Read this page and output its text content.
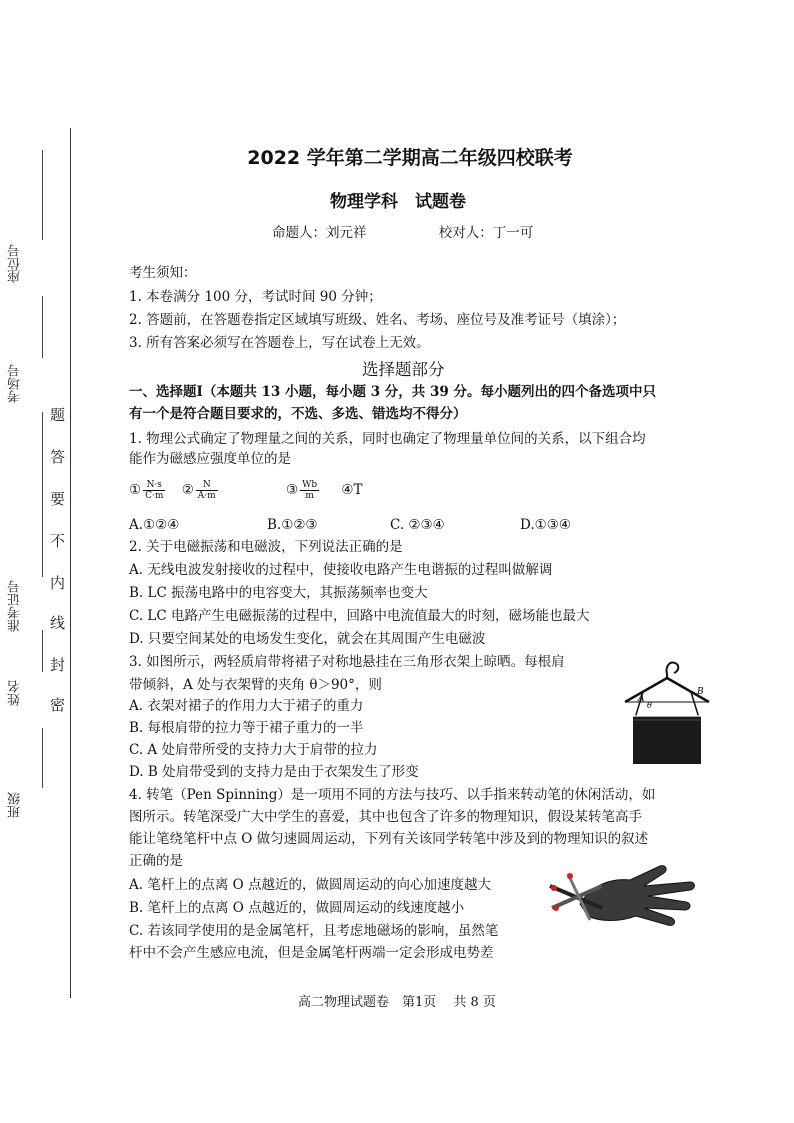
座位号
考场号
准考证号
姓名
班级
题
答
要
不
内
线
封
密
2022 学年第二学期高二年级四校联考
物理学科　试题卷
命题人：刘元祥	校对人：丁一可
考生须知：
1. 本卷满分 100 分，考试时间 90 分钟；
2. 答题前，在答题卷指定区域填写班级、姓名、考场、座位号及准考证号（填涂）；
3. 所有答案必须写在答题卷上，写在试卷上无效。
选择题部分
一、选择题Ⅰ（本题共 13 小题，每小题 3 分，共 39 分。每小题列出的四个备选项中只
有一个是符合题目要求的，不选、多选、错选均不得分）
1. 物理公式确定了物理量之间的关系，同时也确定了物理量单位间的关系，以下组合均
能作为磁感应强度单位的是
① $\frac{N\cdot s}{C\cdot m}$ ② $\frac{N}{A\cdot m}$	③ $\frac{Wb}{m}$ ④T
A.①②④	B.①②③	C. ②③④	D.①③④
2. 关于电磁振荡和电磁波，下列说法正确的是
A. 无线电波发射接收的过程中，使接收电路产生电谐振的过程叫做解调
B. LC 振荡电路中的电容变大，其振荡频率也变大
C. LC 电路产生电磁振荡的过程中，回路中电流值最大的时刻，磁场能也最大
D. 只要空间某处的电场发生变化，就会在其周围产生电磁波
3. 如图所示，两轻质肩带将裙子对称地悬挂在三角形衣架上晾晒。每根肩
带倾斜，A 处与衣架臂的夹角 θ＞90°，则
A. 衣架对裙子的作用力大于裙子的重力
B. 每根肩带的拉力等于裙子重力的一半
C. A 处肩带所受的支持力大于肩带的拉力
D. B 处肩带受到的支持力是由于衣架发生了形变
A
B
θ
4. 转笔（Pen Spinning）是一项用不同的方法与技巧、以手指来转动笔的休闲活动，如
图所示。转笔深受广大中学生的喜爱，其中也包含了许多的物理知识，假设某转笔高手
能让笔绕笔杆中点 O 做匀速圆周运动，下列有关该同学转笔中涉及到的物理知识的叙述
正确的是
A. 笔杆上的点离 O 点越近的，做圆周运动的向心加速度越大
B. 笔杆上的点离 O 点越近的，做圆周运动的线速度越小
C. 若该同学使用的是金属笔杆，且考虑地磁场的影响，虽然笔
杆中不会产生感应电流，但是金属笔杆两端一定会形成电势差
高二物理试题卷　第1页　 共 8 页
